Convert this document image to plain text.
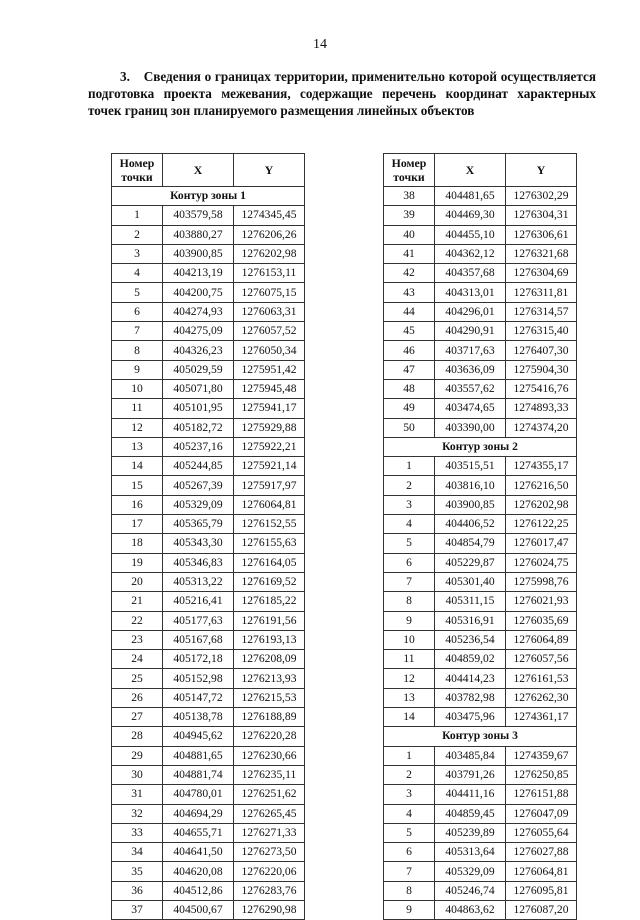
14
3. Сведения о границах территории, применительно которой осуществляется подготовка проекта межевания, содержащие перечень координат характерных точек границ зон планируемого размещения линейных объектов
Номер
точки	X	Y
Контур зоны 1		
1	403579,58	1274345,45
2	403880,27	1276206,26
3	403900,85	1276202,98
4	404213,19	1276153,11
5	404200,75	1276075,15
6	404274,93	1276063,31
7	404275,09	1276057,52
8	404326,23	1276050,34
9	405029,59	1275951,42
10	405071,80	1275945,48
11	405101,95	1275941,17
12	405182,72	1275929,88
13	405237,16	1275922,21
14	405244,85	1275921,14
15	405267,39	1275917,97
16	405329,09	1276064,81
17	405365,79	1276152,55
18	405343,30	1276155,63
19	405346,83	1276164,05
20	405313,22	1276169,52
21	405216,41	1276185,22
22	405177,63	1276191,56
23	405167,68	1276193,13
24	405172,18	1276208,09
25	405152,98	1276213,93
26	405147,72	1276215,53
27	405138,78	1276188,89
28	404945,62	1276220,28
29	404881,65	1276230,66
30	404881,74	1276235,11
31	404780,01	1276251,62
32	404694,29	1276265,45
33	404655,71	1276271,33
34	404641,50	1276273,50
35	404620,08	1276220,06
36	404512,86	1276283,76
37	404500,67	1276290,98
Номер
точки	X	Y
38	404481,65	1276302,29
39	404469,30	1276304,31
40	404455,10	1276306,61
41	404362,12	1276321,68
42	404357,68	1276304,69
43	404313,01	1276311,81
44	404296,01	1276314,57
45	404290,91	1276315,40
46	403717,63	1276407,30
47	403636,09	1275904,30
48	403557,62	1275416,76
49	403474,65	1274893,33
50	403390,00	1274374,20
Контур зоны 2		
1	403515,51	1274355,17
2	403816,10	1276216,50
3	403900,85	1276202,98
4	404406,52	1276122,25
5	404854,79	1276017,47
6	405229,87	1276024,75
7	405301,40	1275998,76
8	405311,15	1276021,93
9	405316,91	1276035,69
10	405236,54	1276064,89
11	404859,02	1276057,56
12	404414,23	1276161,53
13	403782,98	1276262,30
14	403475,96	1274361,17
Контур зоны 3		
1	403485,84	1274359,67
2	403791,26	1276250,85
3	404411,16	1276151,88
4	404859,45	1276047,09
5	405239,89	1276055,64
6	405313,64	1276027,88
7	405329,09	1276064,81
8	405246,74	1276095,81
9	404863,62	1276087,20
